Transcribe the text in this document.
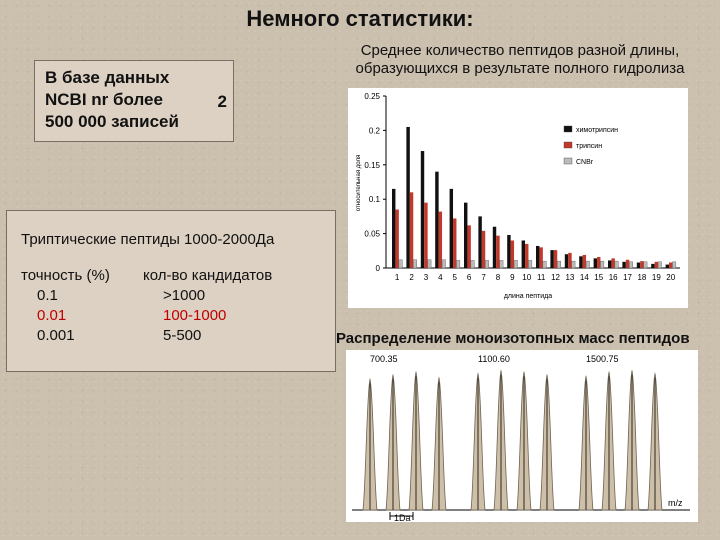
Немного статистики:
В базе данных
NCBI nr более
500 000 записей
2
Триптические пептиды 1000-2000Да
точность (%) кол-во кандидатов
0.1	>1000
0.01	100-1000
0.001	5-500
Среднее количество пептидов разной длины,
образующихся в результате полного гидролиза
0
0.05
0.1
0.15
0.2
0.25
относительная доля
1 2 3 4 5 6 7 8 9 10 11 12 13 14 15 16 17 18 19 20
длина пептида
химотрипсин
трипсин
CNBr
Распределение моноизотопных масс пептидов
700.35	1100.60	1500.75
1Da
m/z
